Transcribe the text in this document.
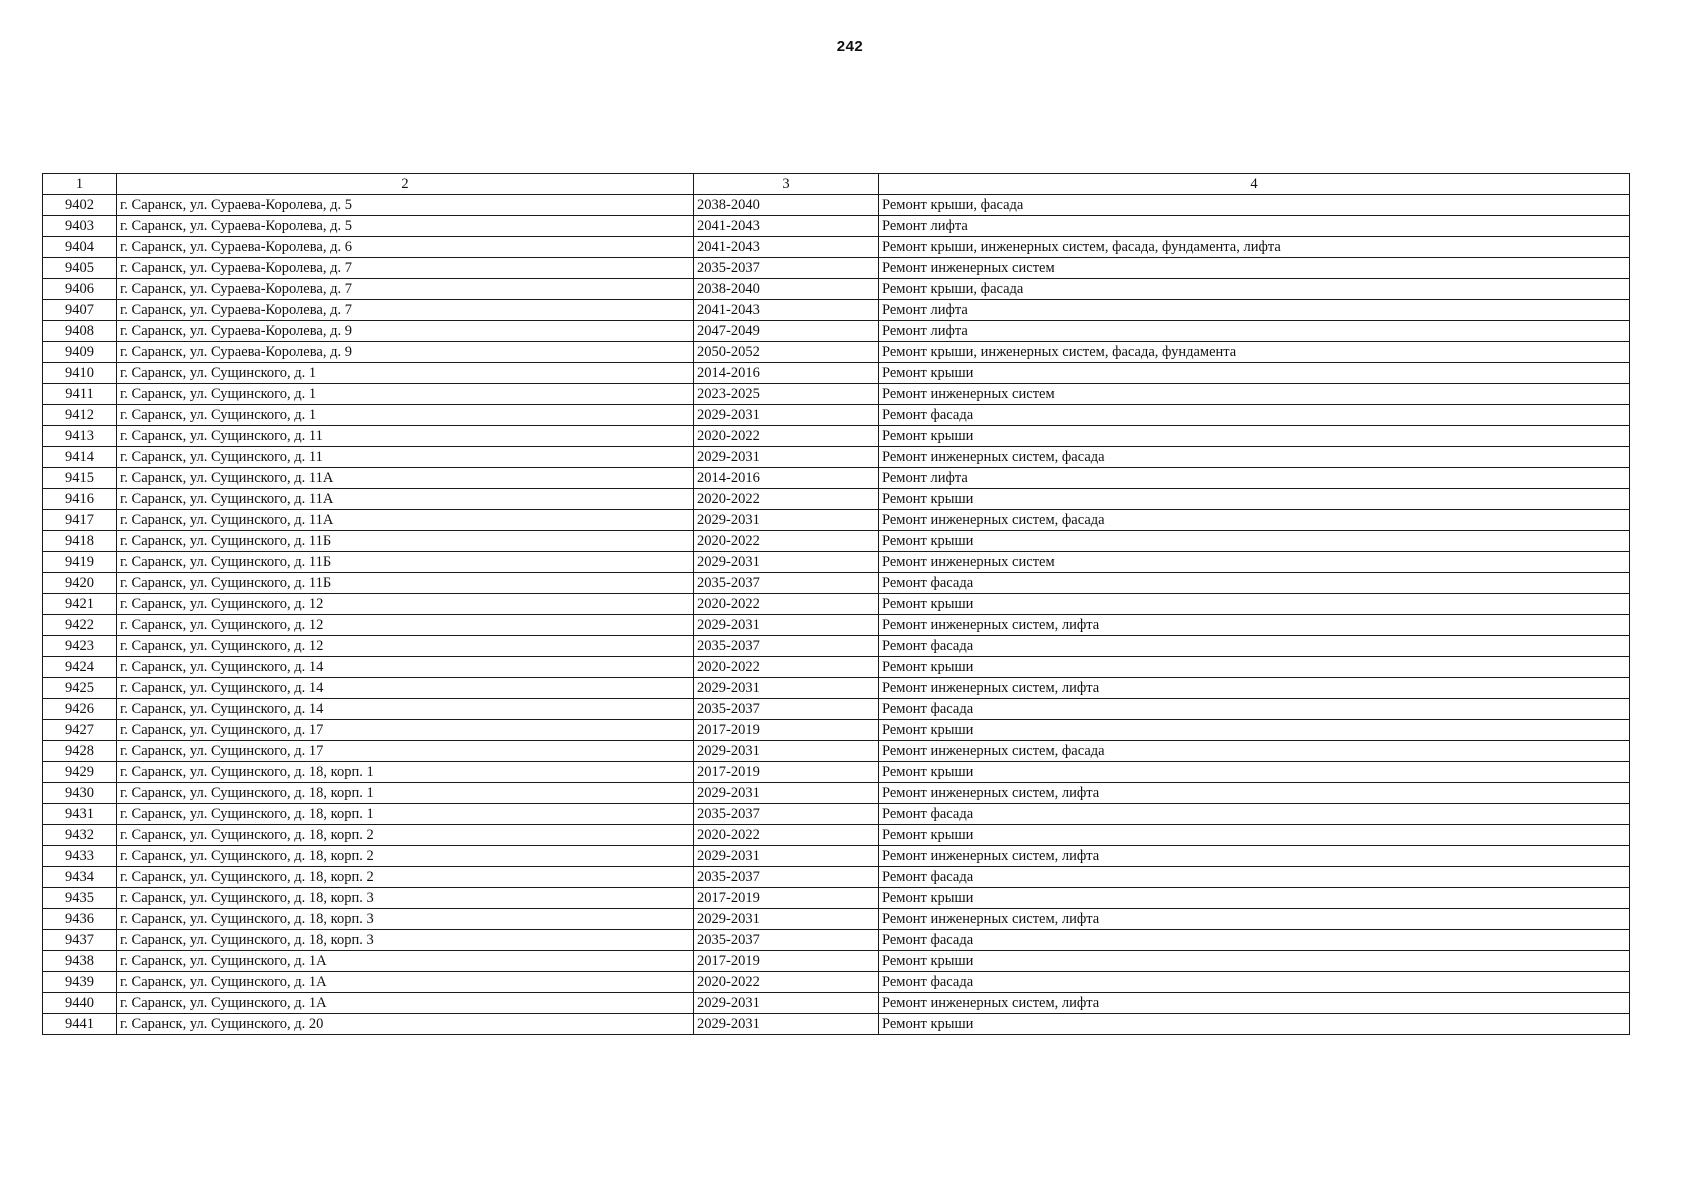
242
1	2	3	4
9402	г. Саранск, ул. Сураева-Королева, д. 5	2038-2040	Ремонт крыши, фасада
9403	г. Саранск, ул. Сураева-Королева, д. 5	2041-2043	Ремонт лифта
9404	г. Саранск, ул. Сураева-Королева, д. 6	2041-2043	Ремонт крыши, инженерных систем, фасада, фундамента, лифта
9405	г. Саранск, ул. Сураева-Королева, д. 7	2035-2037	Ремонт инженерных систем
9406	г. Саранск, ул. Сураева-Королева, д. 7	2038-2040	Ремонт крыши, фасада
9407	г. Саранск, ул. Сураева-Королева, д. 7	2041-2043	Ремонт лифта
9408	г. Саранск, ул. Сураева-Королева, д. 9	2047-2049	Ремонт лифта
9409	г. Саранск, ул. Сураева-Королева, д. 9	2050-2052	Ремонт крыши, инженерных систем, фасада, фундамента
9410	г. Саранск, ул. Сущинского, д. 1	2014-2016	Ремонт крыши
9411	г. Саранск, ул. Сущинского, д. 1	2023-2025	Ремонт инженерных систем
9412	г. Саранск, ул. Сущинского, д. 1	2029-2031	Ремонт фасада
9413	г. Саранск, ул. Сущинского, д. 11	2020-2022	Ремонт крыши
9414	г. Саранск, ул. Сущинского, д. 11	2029-2031	Ремонт инженерных систем, фасада
9415	г. Саранск, ул. Сущинского, д. 11А	2014-2016	Ремонт лифта
9416	г. Саранск, ул. Сущинского, д. 11А	2020-2022	Ремонт крыши
9417	г. Саранск, ул. Сущинского, д. 11А	2029-2031	Ремонт инженерных систем, фасада
9418	г. Саранск, ул. Сущинского, д. 11Б	2020-2022	Ремонт крыши
9419	г. Саранск, ул. Сущинского, д. 11Б	2029-2031	Ремонт инженерных систем
9420	г. Саранск, ул. Сущинского, д. 11Б	2035-2037	Ремонт фасада
9421	г. Саранск, ул. Сущинского, д. 12	2020-2022	Ремонт крыши
9422	г. Саранск, ул. Сущинского, д. 12	2029-2031	Ремонт инженерных систем, лифта
9423	г. Саранск, ул. Сущинского, д. 12	2035-2037	Ремонт фасада
9424	г. Саранск, ул. Сущинского, д. 14	2020-2022	Ремонт крыши
9425	г. Саранск, ул. Сущинского, д. 14	2029-2031	Ремонт инженерных систем, лифта
9426	г. Саранск, ул. Сущинского, д. 14	2035-2037	Ремонт фасада
9427	г. Саранск, ул. Сущинского, д. 17	2017-2019	Ремонт крыши
9428	г. Саранск, ул. Сущинского, д. 17	2029-2031	Ремонт инженерных систем, фасада
9429	г. Саранск, ул. Сущинского, д. 18, корп. 1	2017-2019	Ремонт крыши
9430	г. Саранск, ул. Сущинского, д. 18, корп. 1	2029-2031	Ремонт инженерных систем, лифта
9431	г. Саранск, ул. Сущинского, д. 18, корп. 1	2035-2037	Ремонт фасада
9432	г. Саранск, ул. Сущинского, д. 18, корп. 2	2020-2022	Ремонт крыши
9433	г. Саранск, ул. Сущинского, д. 18, корп. 2	2029-2031	Ремонт инженерных систем, лифта
9434	г. Саранск, ул. Сущинского, д. 18, корп. 2	2035-2037	Ремонт фасада
9435	г. Саранск, ул. Сущинского, д. 18, корп. 3	2017-2019	Ремонт крыши
9436	г. Саранск, ул. Сущинского, д. 18, корп. 3	2029-2031	Ремонт инженерных систем, лифта
9437	г. Саранск, ул. Сущинского, д. 18, корп. 3	2035-2037	Ремонт фасада
9438	г. Саранск, ул. Сущинского, д. 1А	2017-2019	Ремонт крыши
9439	г. Саранск, ул. Сущинского, д. 1А	2020-2022	Ремонт фасада
9440	г. Саранск, ул. Сущинского, д. 1А	2029-2031	Ремонт инженерных систем, лифта
9441	г. Саранск, ул. Сущинского, д. 20	2029-2031	Ремонт крыши
